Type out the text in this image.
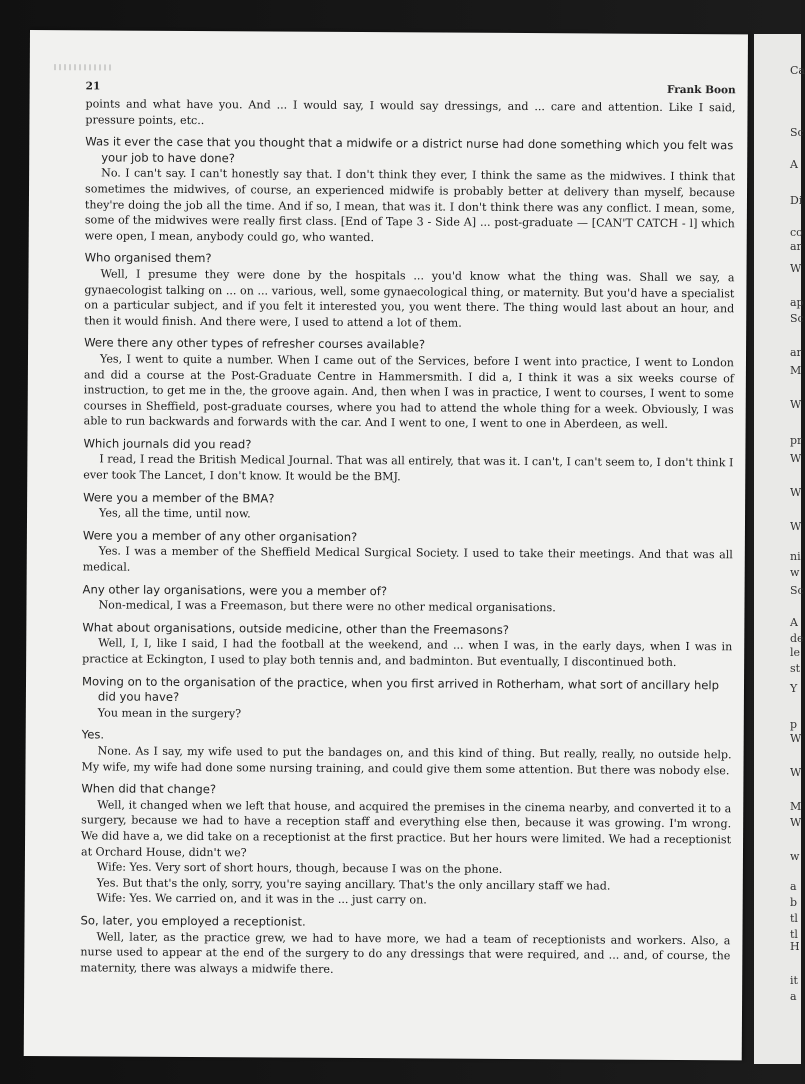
Ca
Sc
A
Di
co
ar
W
ap
Sc
ar
M
W
pr
W
W
W
ni
w
Sc
A
de
le
st
Y
p
W
W
M
W
w
a
b
tl
tl
H
it
a
21	Frank Boon

points and what have you. And ... I would say, I would say dressings, and ... care and attention. Like I said, pressure points, etc..

Was it ever the case that you thought that a midwife or a district nurse had done something which you felt was your job to have done?

No. I can't say. I can't honestly say that. I don't think they ever, I think the same as the midwives. I think that sometimes the midwives, of course, an experienced midwife is probably better at delivery than myself, because they're doing the job all the time. And if so, I mean, that was it. I don't think there was any conflict. I mean, some, some of the midwives were really first class. [End of Tape 3 - Side A] ... post-graduate — [CAN'T CATCH - l] which were open, I mean, anybody could go, who wanted.

Who organised them?

Well, I presume they were done by the hospitals ... you'd know what the thing was. Shall we say, a gynaecologist talking on ... on ... various, well, some gynaecological thing, or maternity. But you'd have a specialist on a particular subject, and if you felt it interested you, you went there. The thing would last about an hour, and then it would finish. And there were, I used to attend a lot of them.

Were there any other types of refresher courses available?

Yes, I went to quite a number. When I came out of the Services, before I went into practice, I went to London and did a course at the Post-Graduate Centre in Hammersmith. I did a, I think it was a six weeks course of instruction, to get me in the, the groove again. And, then when I was in practice, I went to courses, I went to some courses in Sheffield, post-graduate courses, where you had to attend the whole thing for a week. Obviously, I was able to run backwards and forwards with the car. And I went to one, I went to one in Aberdeen, as well.

Which journals did you read?

I read, I read the British Medical Journal. That was all entirely, that was it. I can't, I can't seem to, I don't think I ever took The Lancet, I don't know. It would be the BMJ.

Were you a member of the BMA?

Yes, all the time, until now.

Were you a member of any other organisation?

Yes. I was a member of the Sheffield Medical Surgical Society. I used to take their meetings. And that was all medical.

Any other lay organisations, were you a member of?

Non-medical, I was a Freemason, but there were no other medical organisations.

What about organisations, outside medicine, other than the Freemasons?

Well, I, I, like I said, I had the football at the weekend, and ... when I was, in the early days, when I was in practice at Eckington, I used to play both tennis and, and badminton. But eventually, I discontinued both.

Moving on to the organisation of the practice, when you first arrived in Rotherham, what sort of ancillary help did you have?

You mean in the surgery?

Yes.

None. As I say, my wife used to put the bandages on, and this kind of thing. But really, really, no outside help. My wife, my wife had done some nursing training, and could give them some attention. But there was nobody else.

When did that change?

Well, it changed when we left that house, and acquired the premises in the cinema nearby, and converted it to a surgery, because we had to have a reception staff and everything else then, because it was growing. I'm wrong. We did have a, we did take on a receptionist at the first practice. But her hours were limited. We had a receptionist at Orchard House, didn't we?

Wife: Yes. Very sort of short hours, though, because I was on the phone.

Yes. But that's the only, sorry, you're saying ancillary. That's the only ancillary staff we had.

Wife: Yes. We carried on, and it was in the ... just carry on.

So, later, you employed a receptionist.

Well, later, as the practice grew, we had to have more, we had a team of receptionists and workers. Also, a nurse used to appear at the end of the surgery to do any dressings that were required, and ... and, of course, the maternity, there was always a midwife there.
